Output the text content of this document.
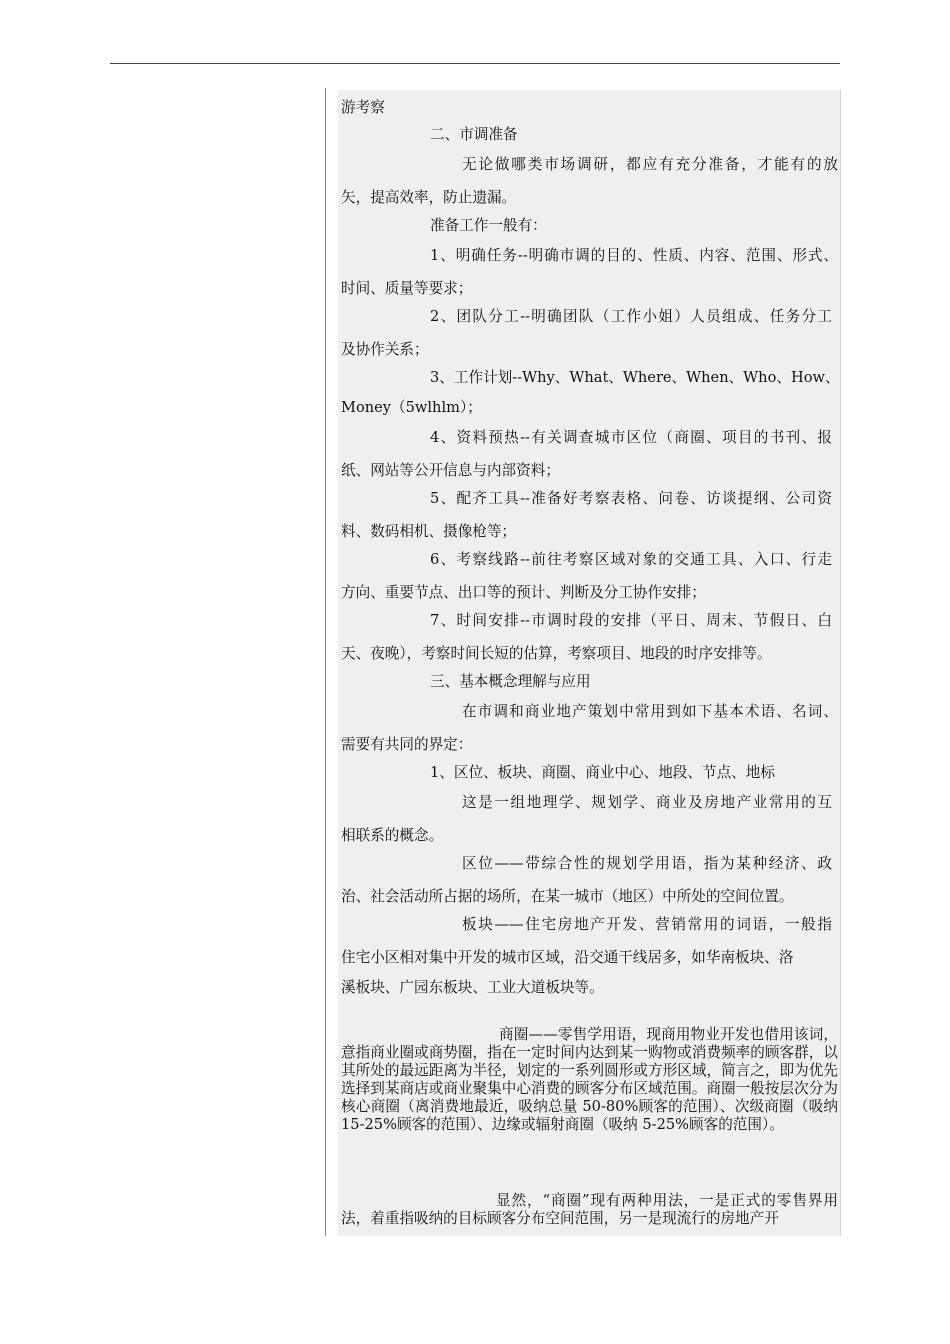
游考察
二、市调准备
无论做哪类市场调研，都应有充分准备，才能有的放
矢，提高效率，防止遗漏。
准备工作一般有：
1、明确任务--明确市调的目的、性质、内容、范围、形式、
时间、质量等要求；
2、团队分工--明确团队（工作小姐）人员组成、任务分工
及协作关系；
3、工作计划--Why、What、Where、When、Who、How、
Money（5wlhlm）；
4、资料预热--有关调查城市区位（商圈、项目的书刊、报
纸、网站等公开信息与内部资料；
5、配齐工具--准备好考察表格、问卷、访谈提纲、公司资
料、数码相机、摄像枪等；
6、考察线路--前往考察区域对象的交通工具、入口、行走
方向、重要节点、出口等的预计、判断及分工协作安排；
7、时间安排--市调时段的安排（平日、周末、节假日、白
天、夜晚），考察时间长短的估算，考察项目、地段的时序安排等。
三、基本概念理解与应用
在市调和商业地产策划中常用到如下基本术语、名词、
需要有共同的界定：
1、区位、板块、商圈、商业中心、地段、节点、地标
这是一组地理学、规划学、商业及房地产业常用的互
相联系的概念。
区位——带综合性的规划学用语，指为某种经济、政
治、社会活动所占据的场所，在某一城市（地区）中所处的空间位置。
板块——住宅房地产开发、营销常用的词语，一般指
住宅小区相对集中开发的城市区域，沿交通干线居多，如华南板块、洛
溪板块、广园东板块、工业大道板块等。

商圈——零售学用语，现商用物业开发也借用该词，意指商业圈或商势圈，指在一定时间内达到某一购物或消费频率的顾客群，以其所处的最远距离为半径，划定的一系列圆形或方形区域，简言之，即为优先选择到某商店或商业聚集中心消费的顾客分布区域范围。商圈一般按层次分为核心商圈（离消费地最近，吸纳总量 50-80%顾客的范围）、次级商圈（吸纳 15-25%顾客的范围）、边缘或辐射商圈（吸纳 5-25%顾客的范围）。

显然，“商圈”现有两种用法，一是正式的零售界用法，着重指吸纳的目标顾客分布空间范围，另一是现流行的房地产开
